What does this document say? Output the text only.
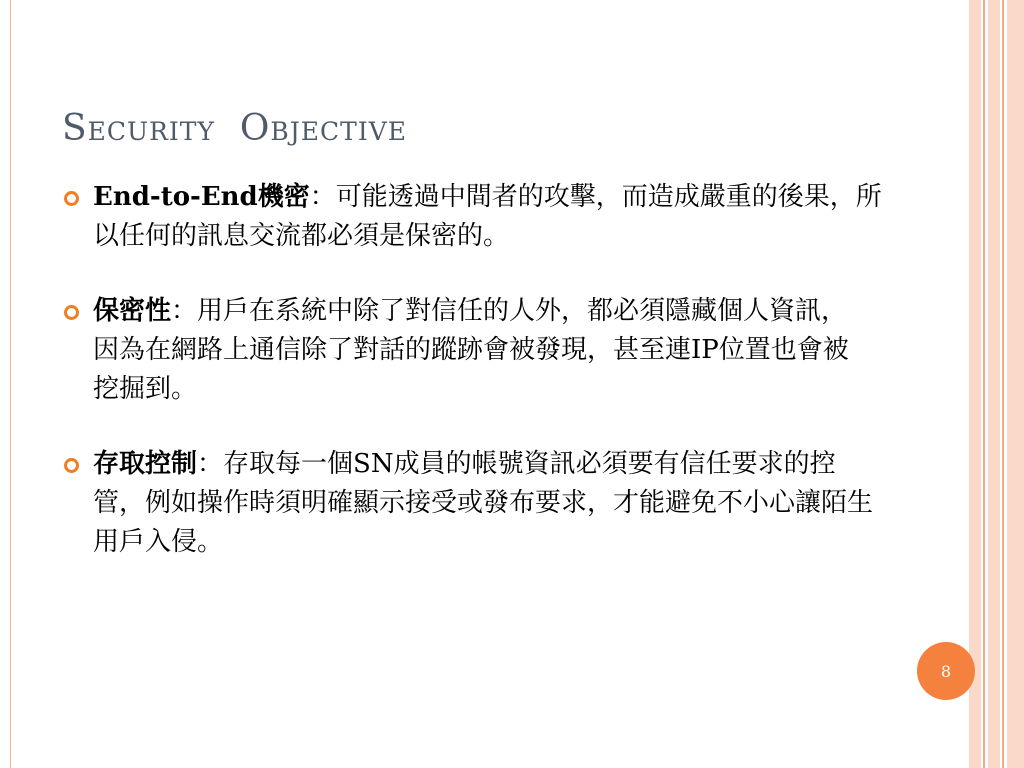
Security Objective
End-to-End機密：可能透過中間者的攻擊，而造成嚴重的後果，所以任何的訊息交流都必須是保密的。
保密性：用戶在系統中除了對信任的人外，都必須隱藏個人資訊，因為在網路上通信除了對話的蹤跡會被發現，甚至連IP位置也會被挖掘到。
存取控制：存取每一個SN成員的帳號資訊必須要有信任要求的控管，例如操作時須明確顯示接受或發布要求，才能避免不小心讓陌生用戶入侵。
8
